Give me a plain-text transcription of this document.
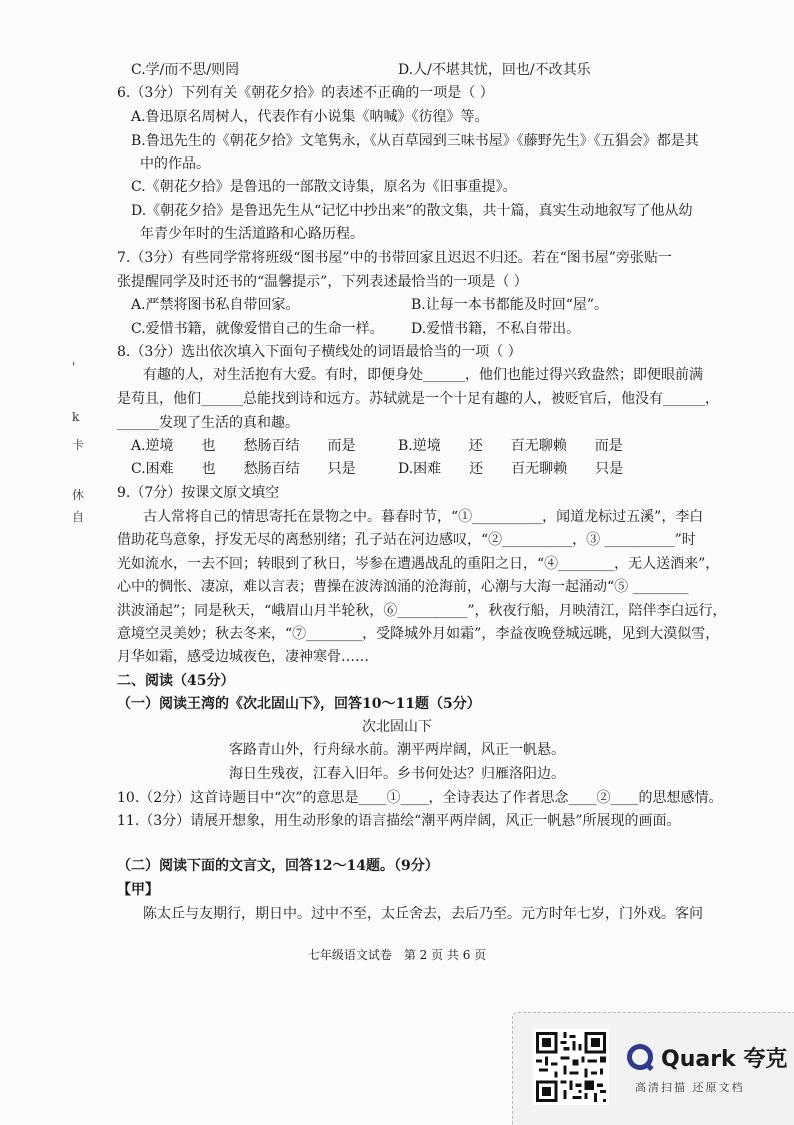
'
k
卡
休
自
C.学/而不思/则罔	D.人/不堪其忧，回也/不改其乐
6.（3分）下列有关《朝花夕拾》的表述不正确的一项是（ ）
A.鲁迅原名周树人，代表作有小说集《呐喊》《彷徨》等。
B.鲁迅先生的《朝花夕拾》文笔隽永，《从百草园到三味书屋》《藤野先生》《五猖会》都是其
中的作品。
C.《朝花夕拾》是鲁迅的一部散文诗集，原名为《旧事重提》。
D.《朝花夕拾》是鲁迅先生从“记忆中抄出来”的散文集，共十篇，真实生动地叙写了他从幼
年青少年时的生活道路和心路历程。
7.（3分）有些同学常将班级“图书屋”中的书带回家且迟迟不归还。若在“图书屋”旁张贴一
张提醒同学及时还书的“温馨提示”，下列表述最恰当的一项是（ ）
A.严禁将图书私自带回家。	B.让每一本书都能及时回“屋”。
C.爱惜书籍，就像爱惜自己的生命一样。 D.爱惜书籍，不私自带出。
8.（3分）选出依次填入下面句子横线处的词语最恰当的一项（ ）
有趣的人，对生活抱有大爱。有时，即便身处______，他们也能过得兴致盎然；即便眼前满
是苟且，他们______总能找到诗和远方。苏轼就是一个十足有趣的人，被贬官后，他没有______，
______发现了生活的真和趣。
A.逆境　　也　　愁肠百结　　而是	B.逆境　　还　　百无聊赖　　而是
C.困难　　也　　愁肠百结　　只是	D.困难　　还　　百无聊赖　　只是
9.（7分）按课文原文填空
古人常将自己的情思寄托在景物之中。暮春时节，“①__________，闻道龙标过五溪”，李白
借助花鸟意象，抒发无尽的离愁别绪；孔子站在河边感叹，“②__________，③ __________”时
光如流水，一去不回；转眼到了秋日，岑参在遭遇战乱的重阳之日，“④________，无人送酒来”，
心中的惆怅、凄凉，难以言表；曹操在波涛汹涌的沧海前，心潮与大海一起涌动“⑤ ________
洪波涌起”；同是秋天，“峨眉山月半轮秋，⑥__________”，秋夜行船，月映清江，陪伴李白远行，
意境空灵美妙；秋去冬来，“⑦________，受降城外月如霜”，李益夜晚登城远眺，见到大漠似雪，
月华如霜，感受边城夜色，凄神寒骨……
二、阅读（45分）
（一）阅读王湾的《次北固山下》，回答10～11题（5分）
次北固山下
客路青山外，行舟绿水前。潮平两岸阔，风正一帆悬。
海日生残夜，江春入旧年。乡书何处达？归雁洛阳边。
10.（2分）这首诗题目中“次”的意思是____①____，全诗表达了作者思念____②____的思想感情。
11.（3分）请展开想象，用生动形象的语言描绘“潮平两岸阔，风正一帆悬”所展现的画面。
（二）阅读下面的文言文，回答12～14题。（9分）
【甲】
陈太丘与友期行，期日中。过中不至，太丘舍去，去后乃至。元方时年七岁，门外戏。客问
七年级语文试卷　第 2 页 共 6 页
Quark 夸克
高清扫描 还原文档
